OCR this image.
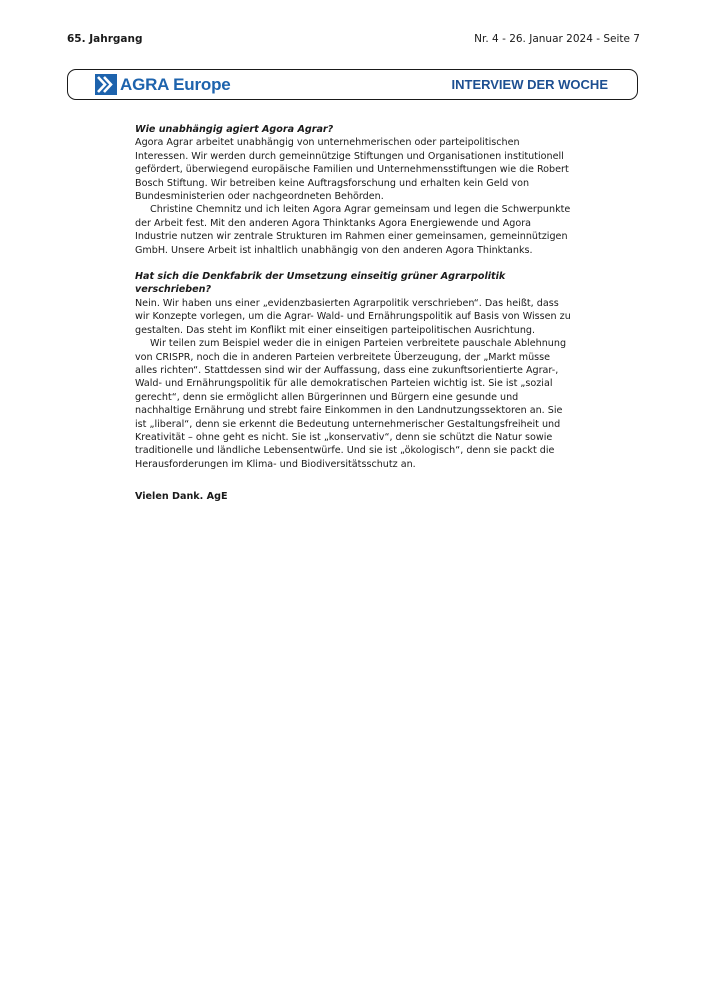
65. Jahrgang	Nr. 4 - 26. Januar 2024 - Seite 7
AGRA Europe	INTERVIEW DER WOCHE

Wie unabhängig agiert Agora Agrar?

Agora Agrar arbeitet unabhängig von unternehmerischen oder parteipolitischen Interessen. Wir werden durch gemeinnützige Stiftungen und Organisationen institutionell gefördert, überwiegend europäische Familien und Unternehmensstiftungen wie die Robert Bosch Stiftung. Wir betreiben keine Auftragsforschung und erhalten kein Geld von Bundesministerien oder nachgeordneten Behörden.

Christine Chemnitz und ich leiten Agora Agrar gemeinsam und legen die Schwerpunkte der Arbeit fest. Mit den anderen Agora Thinktanks Agora Energiewende und Agora Industrie nutzen wir zentrale Strukturen im Rahmen einer gemeinsamen, gemeinnützigen GmbH. Unsere Arbeit ist inhaltlich unabhängig von den anderen Agora Thinktanks.

Hat sich die Denkfabrik der Umsetzung einseitig grüner Agrarpolitik verschrieben?

Nein. Wir haben uns einer „evidenzbasierten Agrarpolitik verschrieben“. Das heißt, dass wir Konzepte vorlegen, um die Agrar- Wald- und Ernährungspolitik auf Basis von Wissen zu gestalten. Das steht im Konflikt mit einer einseitigen parteipolitischen Ausrichtung.

Wir teilen zum Beispiel weder die in einigen Parteien verbreitete pauschale Ablehnung von CRISPR, noch die in anderen Parteien verbreitete Überzeugung, der „Markt müsse alles richten“. Stattdessen sind wir der Auffassung, dass eine zukunftsorientierte Agrar-, Wald- und Ernährungspolitik für alle demokratischen Parteien wichtig ist. Sie ist „sozial gerecht“, denn sie ermöglicht allen Bürgerinnen und Bürgern eine gesunde und nachhaltige Ernährung und strebt faire Einkommen in den Landnutzungssektoren an. Sie ist „liberal“, denn sie erkennt die Bedeutung unternehmerischer Gestaltungsfreiheit und Kreativität – ohne geht es nicht. Sie ist „konservativ“, denn sie schützt die Natur sowie traditionelle und ländliche Lebensentwürfe. Und sie ist „ökologisch“, denn sie packt die Herausforderungen im Klima- und Biodiversitätsschutz an.

Vielen Dank. AgE
